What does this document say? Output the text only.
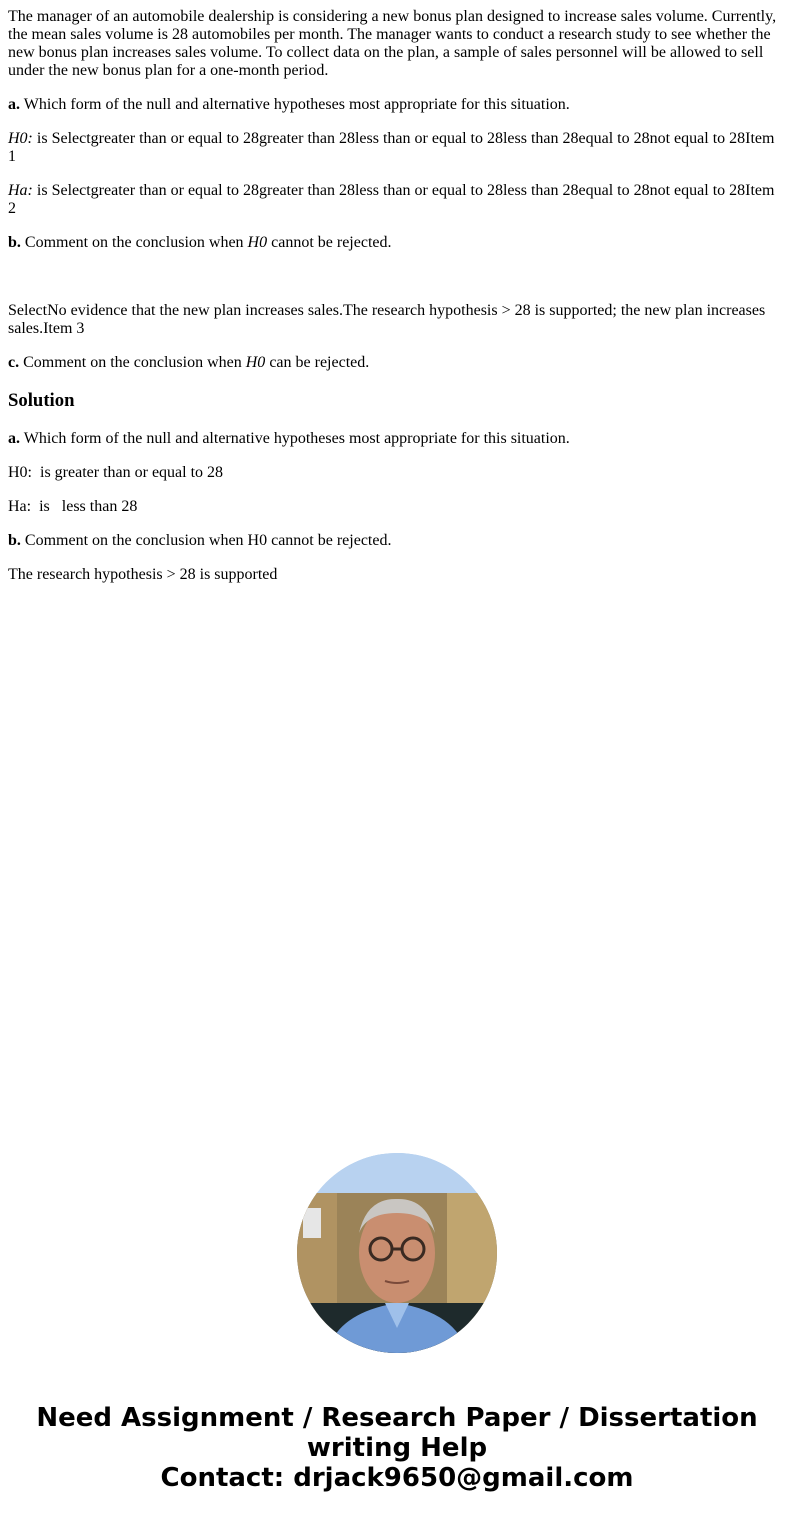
The manager of an automobile dealership is considering a new bonus plan designed to increase sales volume. Currently, the mean sales volume is 28 automobiles per month. The manager wants to conduct a research study to see whether the new bonus plan increases sales volume. To collect data on the plan, a sample of sales personnel will be allowed to sell under the new bonus plan for a one-month period.

a. Which form of the null and alternative hypotheses most appropriate for this situation.

H0: is Selectgreater than or equal to 28greater than 28less than or equal to 28less than 28equal to 28not equal to 28Item 1

Ha: is Selectgreater than or equal to 28greater than 28less than or equal to 28less than 28equal to 28not equal to 28Item 2

b. Comment on the conclusion when H0 cannot be rejected.

SelectNo evidence that the new plan increases sales.The research hypothesis > 28 is supported; the new plan increases sales.Item 3

c. Comment on the conclusion when H0 can be rejected.

Solution

a. Which form of the null and alternative hypotheses most appropriate for this situation.

H0:  is greater than or equal to 28

Ha:  is   less than 28

b. Comment on the conclusion when H0 cannot be rejected.

The research hypothesis > 28 is supported

Need Assignment / Research Paper / Dissertation
writing Help
Contact: drjack9650@gmail.com
